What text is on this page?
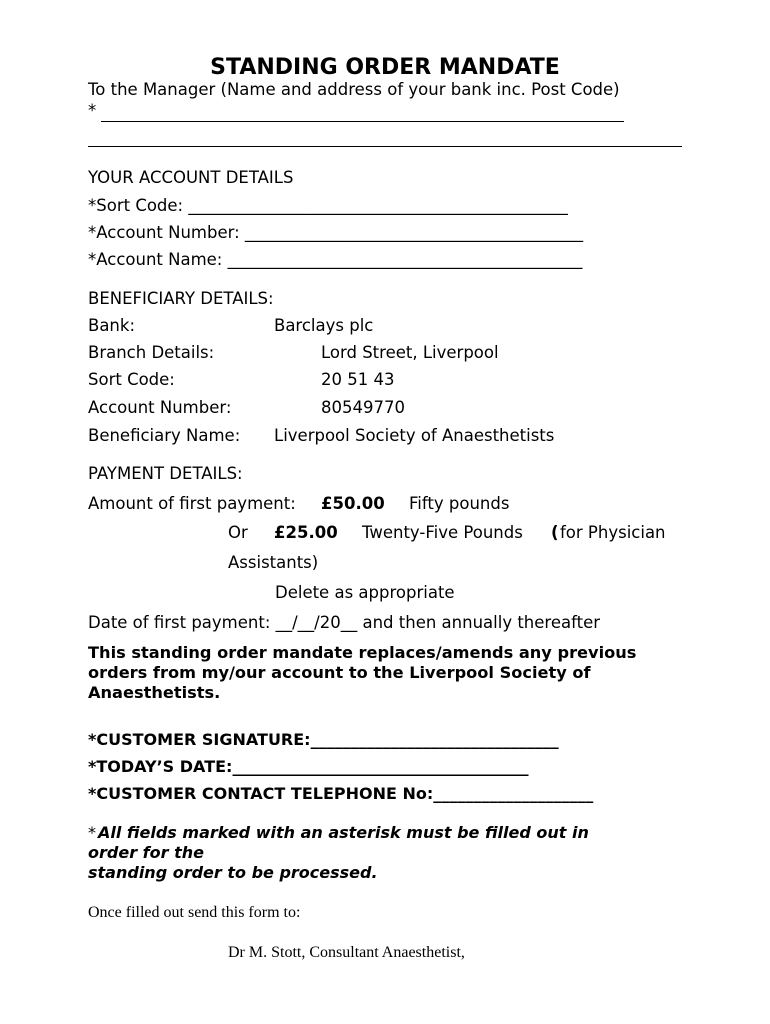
STANDING ORDER MANDATE
To the Manager (Name and address of your bank inc. Post Code)
*
YOUR ACCOUNT DETAILS
*Sort Code: ______________________________________________
*Account Number: _________________________________________
*Account Name: ___________________________________________
BENEFICIARY DETAILS:
Bank:	Barclays plc
Branch Details:	Lord Street, Liverpool
Sort Code:	20 51 43
Account Number:	80549770
Beneficiary Name: Liverpool Society of Anaesthetists
PAYMENT DETAILS:
Amount of first payment: £50.00 Fifty pounds
Or £25.00 Twenty-Five Pounds ( for Physician
Assistants)
Delete as appropriate
Date of first payment: __/__/20__ and then annually thereafter
This standing order mandate replaces/amends any previous orders from my/our account to the Liverpool Society of Anaesthetists.
*CUSTOMER SIGNATURE:_______________________________
*TODAY’S DATE:_____________________________________
*CUSTOMER CONTACT TELEPHONE No:____________________
* All fields marked with an asterisk must be filled out in
order for the
standing order to be processed.
Once filled out send this form to:
Dr M. Stott, Consultant Anaesthetist,
